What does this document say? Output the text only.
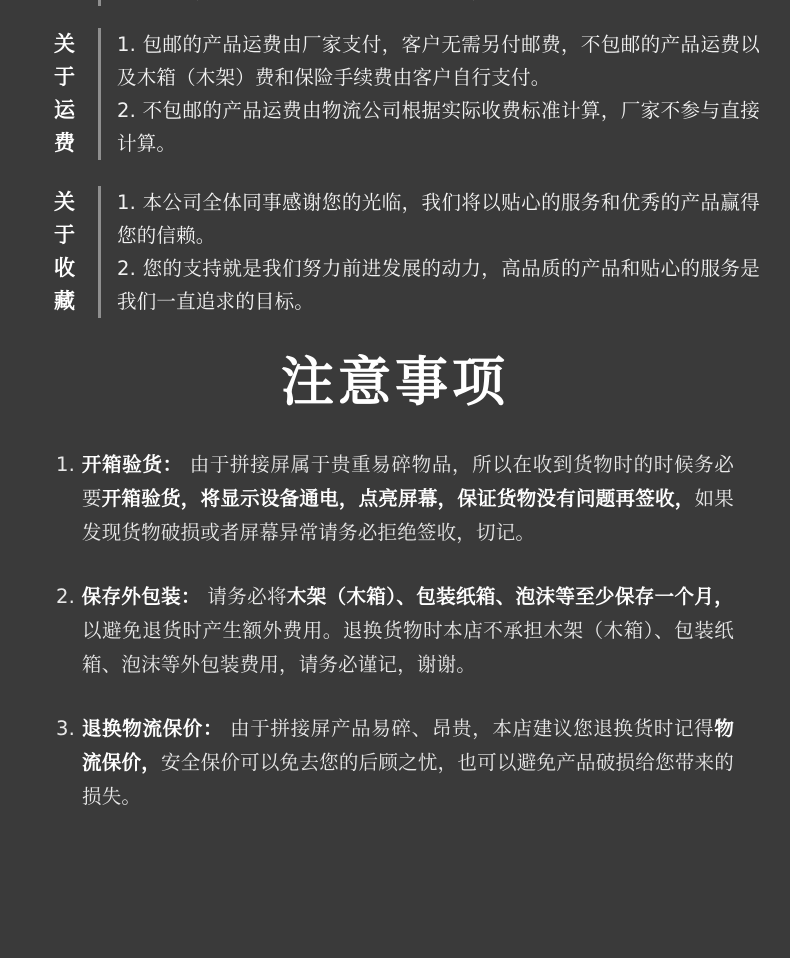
关于运费

1. 包邮的产品运费由厂家支付，客户无需另付邮费，不包邮的产品运费以及木箱（木架）费和保险手续费由客户自行支付。

2. 不包邮的产品运费由物流公司根据实际收费标准计算，厂家不参与直接计算。

关于收藏

1. 本公司全体同事感谢您的光临，我们将以贴心的服务和优秀的产品赢得您的信赖。

2. 您的支持就是我们努力前进发展的动力，高品质的产品和贴心的服务是我们一直追求的目标。

注意事项

1. 开箱验货： 由于拼接屏属于贵重易碎物品，所以在收到货物时的时候务必要开箱验货，将显示设备通电，点亮屏幕，保证货物没有问题再签收，如果发现货物破损或者屏幕异常请务必拒绝签收，切记。

2. 保存外包装： 请务必将木架（木箱）、包装纸箱、泡沫等至少保存一个月，以避免退货时产生额外费用。退换货物时本店不承担木架（木箱）、包装纸箱、泡沫等外包装费用，请务必谨记，谢谢。

3. 退换物流保价： 由于拼接屏产品易碎、昂贵，本店建议您退换货时记得物流保价，安全保价可以免去您的后顾之忧，也可以避免产品破损给您带来的损失。
